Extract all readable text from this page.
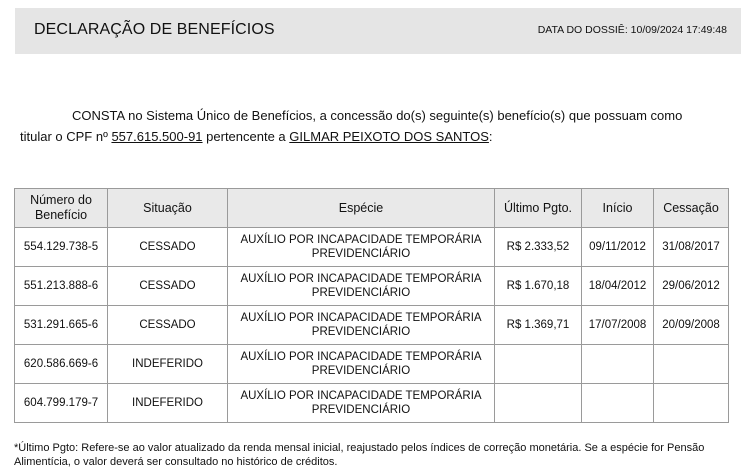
DECLARAÇÃO DE BENEFÍCIOS	DATA DO DOSSIÊ: 10/09/2024 17:49:48
CONSTA no Sistema Único de Benefícios, a concessão do(s) seguinte(s) benefício(s) que possuam como
titular o CPF nº 557.615.500-91 pertencente a GILMAR PEIXOTO DOS SANTOS:
Número do Benefício	Situação	Espécie	Último Pgto.	Início	Cessação
554.129.738-5	CESSADO	AUXÍLIO POR INCAPACIDADE TEMPORÁRIA PREVIDENCIÁRIO	R$ 2.333,52	09/11/2012	31/08/2017
551.213.888-6	CESSADO	AUXÍLIO POR INCAPACIDADE TEMPORÁRIA PREVIDENCIÁRIO	R$ 1.670,18	18/04/2012	29/06/2012
531.291.665-6	CESSADO	AUXÍLIO POR INCAPACIDADE TEMPORÁRIA PREVIDENCIÁRIO	R$ 1.369,71	17/07/2008	20/09/2008
620.586.669-6	INDEFERIDO	AUXÍLIO POR INCAPACIDADE TEMPORÁRIA PREVIDENCIÁRIO			
604.799.179-7	INDEFERIDO	AUXÍLIO POR INCAPACIDADE TEMPORÁRIA PREVIDENCIÁRIO			
*Último Pgto: Refere-se ao valor atualizado da renda mensal inicial, reajustado pelos índices de correção monetária. Se a espécie for Pensão Alimentícia, o valor deverá ser consultado no histórico de créditos.
